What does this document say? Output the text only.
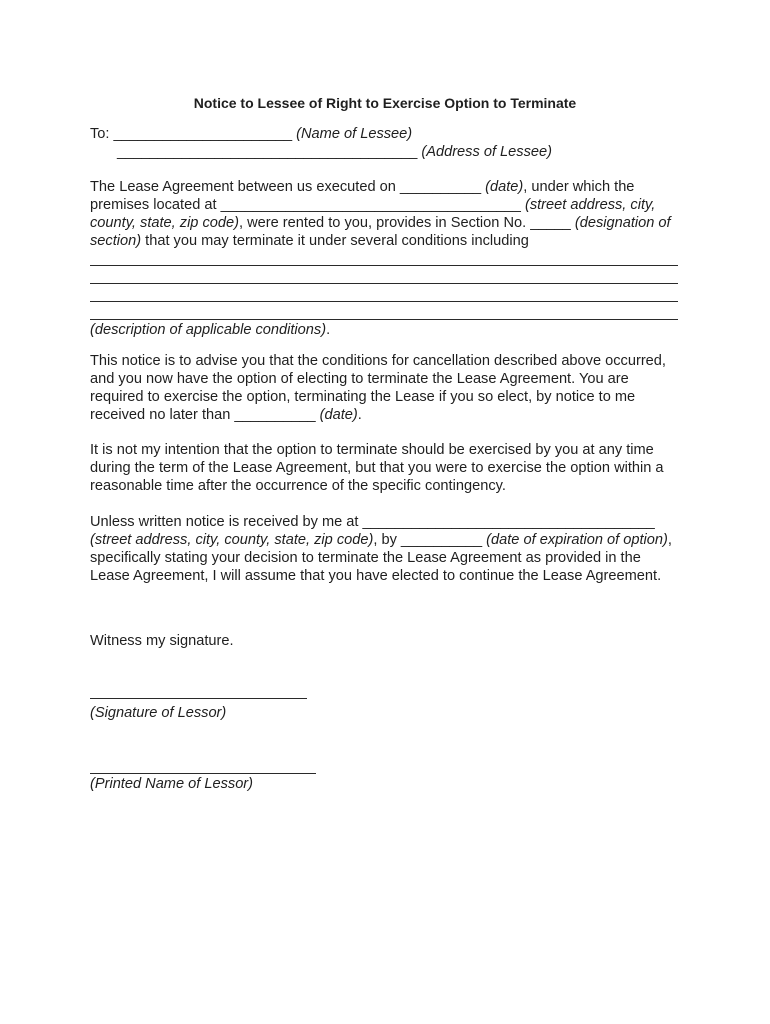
Notice to Lessee of Right to Exercise Option to Terminate
To: ______________________ (Name of Lessee)
_____________________________________ (Address of Lessee)

The Lease Agreement between us executed on __________ (date), under which the premises located at _____________________________________ (street address, city, county, state, zip code), were rented to you, provides in Section No. _____ (designation of section) that you may terminate it under several conditions including

(description of applicable conditions).

This notice is to advise you that the conditions for cancellation described above occurred, and you now have the option of electing to terminate the Lease Agreement. You are required to exercise the option, terminating the Lease if you so elect, by notice to me received no later than __________ (date).

It is not my intention that the option to terminate should be exercised by you at any time during the term of the Lease Agreement, but that you were to exercise the option within a reasonable time after the occurrence of the specific contingency.

Unless written notice is received by me at ____________________________________ (street address, city, county, state, zip code), by __________ (date of expiration of option), specifically stating your decision to terminate the Lease Agreement as provided in the Lease Agreement, I will assume that you have elected to continue the Lease Agreement.

Witness my signature.
(Signature of Lessor)
(Printed Name of Lessor)
